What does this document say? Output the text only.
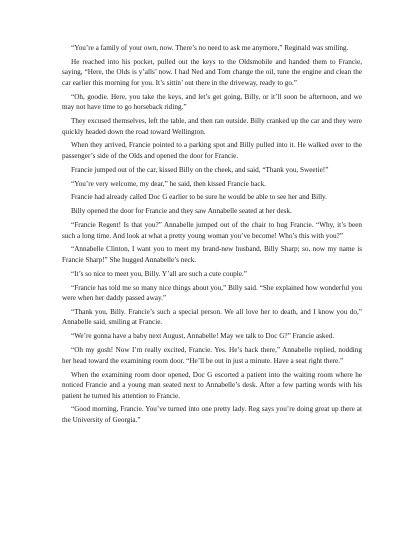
“You’re a family of your own, now. There’s no need to ask me anymore,” Reginald was smiling.

He reached into his pocket, pulled out the keys to the Oldsmobile and handed them to Francie, saying, “Here, the Olds is y’alls’ now. I had Ned and Tom change the oil, tune the engine and clean the car earlier this morning for you. It’s sittin’ out there in the driveway, ready to go.”

“Oh, goodie. Here, you take the keys, and let’s get going, Billy, or it’ll soon be afternoon, and we may not have time to go horseback riding.”

They excused themselves, left the table, and then ran outside. Billy cranked up the car and they were quickly headed down the road toward Wellington.

When they arrived, Francie pointed to a parking spot and Billy pulled into it. He walked over to the passenger’s side of the Olds and opened the door for Francie.

Francie jumped out of the car, kissed Billy on the cheek, and said, “Thank you, Sweetie!”

“You’re very welcome, my dear,” he said, then kissed Francie back.

Francie had already called Doc G earlier to be sure he would be able to see her and Billy.

Billy opened the door for Francie and they saw Annabelle seated at her desk.

“Francie Regent! Is that you?” Annabelle jumped out of the chair to hug Francie. “Why, it’s been such a long time. And look at what a pretty young woman you’ve become! Who’s this with you?”

“Annabelle Clinton, I want you to meet my brand-new husband, Billy Sharp; so, now my name is Francie Sharp!” She hugged Annabelle’s neck.

“It’s so nice to meet you, Billy. Y’all are such a cute couple.”

“Francie has told me so many nice things about you,” Billy said. “She explained how wonderful you were when her daddy passed away.”

“Thank you, Billy. Francie’s such a special person. We all love her to death, and I know you do,” Annabelle said, smiling at Francie.

“We’re gonna have a baby next August, Annabelle! May we talk to Doc G?” Francie asked.

“Oh my gosh! Now I’m really excited, Francie. Yes. He’s back there,” Annabelle replied, nodding her head toward the examining room door. “He’ll be out in just a minute. Have a seat right there.”

When the examining room door opened, Doc G escorted a patient into the waiting room where he noticed Francie and a young man seated next to Annabelle’s desk. After a few parting words with his patient he turned his attention to Francie.

“Good morning, Francie. You’ve turned into one pretty lady. Reg says you’re doing great up there at the University of Georgia.”
